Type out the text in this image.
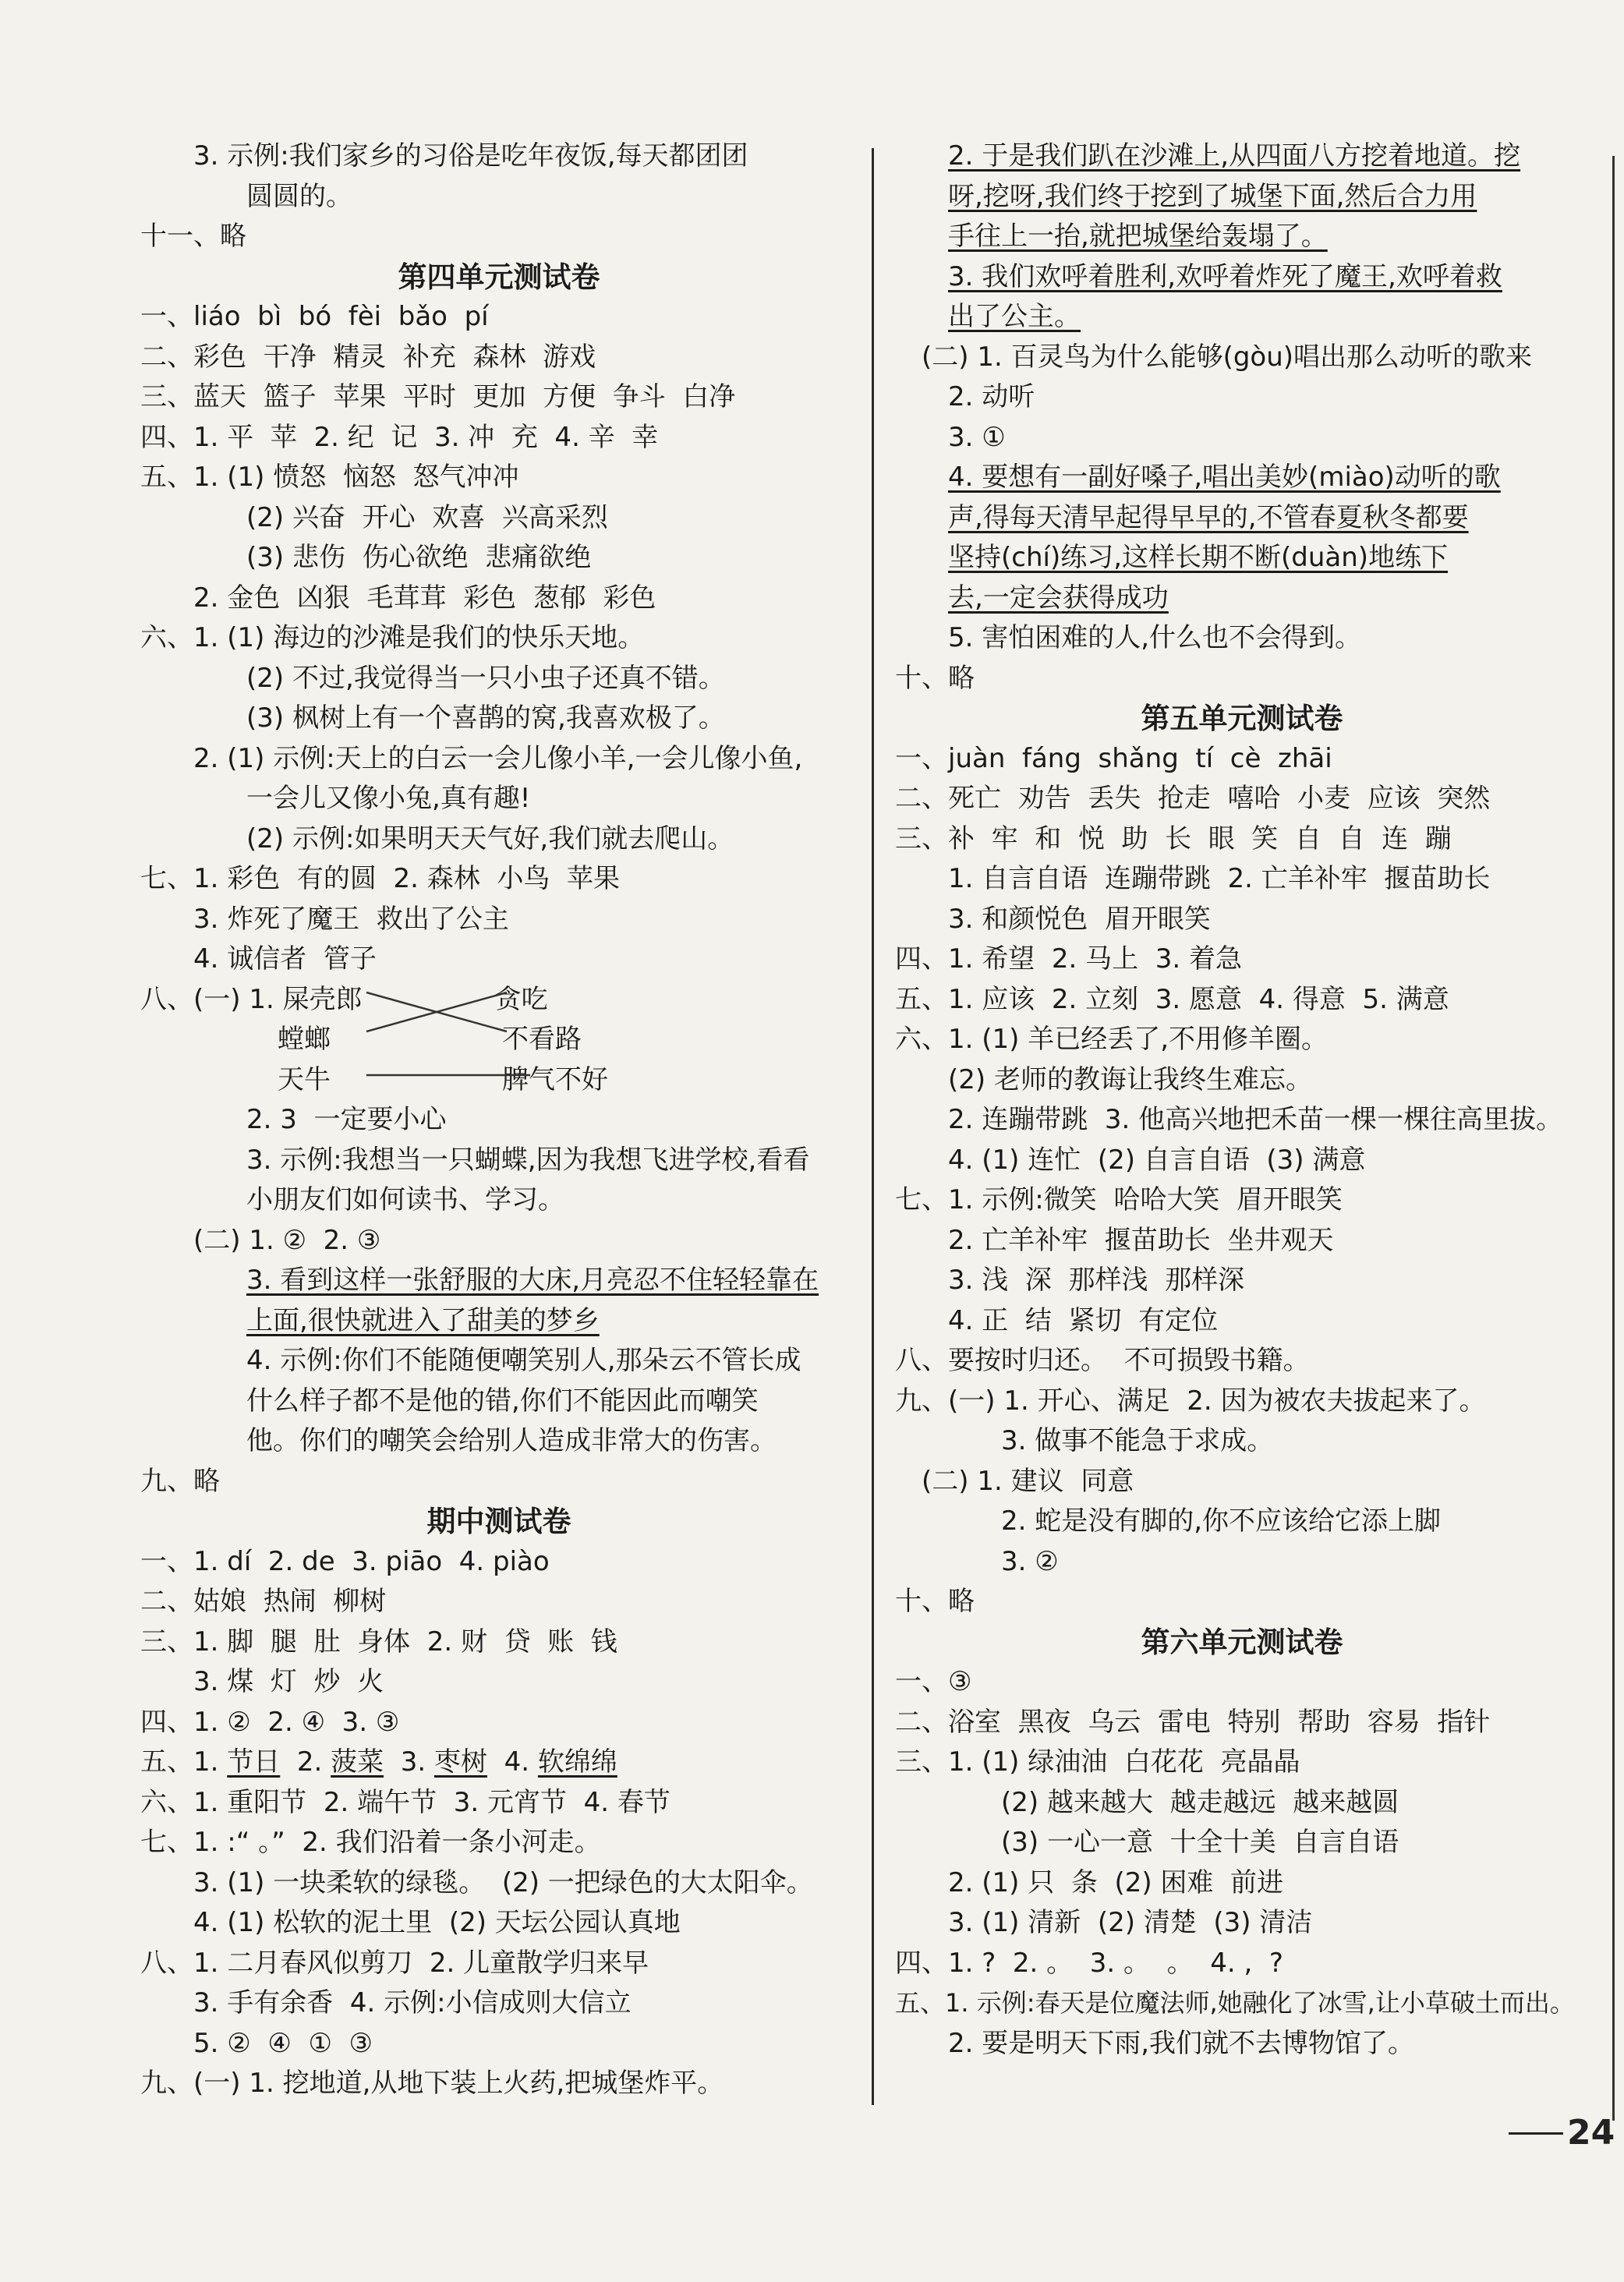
3. 示例:我们家乡的习俗是吃年夜饭,每天都团团
圆圆的。
十一、略
第四单元测试卷
一、liáo  bì  bó  fèi  bǎo  pí
二、彩色  干净  精灵  补充  森林  游戏
三、蓝天  篮子  苹果  平时  更加  方便  争斗  白净
四、1. 平  苹  2. 纪  记  3. 冲  充  4. 辛  幸
五、1. (1) 愤怒  恼怒  怒气冲冲
(2) 兴奋  开心  欢喜  兴高采烈
(3) 悲伤  伤心欲绝  悲痛欲绝
2. 金色  凶狠  毛茸茸  彩色  葱郁  彩色
六、1. (1) 海边的沙滩是我们的快乐天地。
(2) 不过,我觉得当一只小虫子还真不错。
(3) 枫树上有一个喜鹊的窝,我喜欢极了。
2. (1) 示例:天上的白云一会儿像小羊,一会儿像小鱼,
一会儿又像小兔,真有趣!
(2) 示例:如果明天天气好,我们就去爬山。
七、1. 彩色  有的圆  2. 森林  小鸟  苹果
3. 炸死了魔王  救出了公主
4. 诚信者  管子
八、(一) 1. 屎壳郎	贪吃
螳螂	不看路
天牛	脾气不好
2. 3  一定要小心
3. 示例:我想当一只蝴蝶,因为我想飞进学校,看看
小朋友们如何读书、学习。
(二) 1. ②  2. ③
3. 看到这样一张舒服的大床,月亮忍不住轻轻靠在
上面,很快就进入了甜美的梦乡
4. 示例:你们不能随便嘲笑别人,那朵云不管长成
什么样子都不是他的错,你们不能因此而嘲笑
他。你们的嘲笑会给别人造成非常大的伤害。
九、略
期中测试卷
一、1. dí  2. de  3. piāo  4. piào
二、姑娘  热闹  柳树
三、1. 脚  腿  肚  身体  2. 财  贷  账  钱
3. 煤  灯  炒  火
四、1. ②  2. ④  3. ③
五、1. 节日  2. 菠菜  3. 枣树  4. 软绵绵
六、1. 重阳节  2. 端午节  3. 元宵节  4. 春节
七、1. :“ 。”  2. 我们沿着一条小河走。
3. (1) 一块柔软的绿毯。  (2) 一把绿色的大太阳伞。
4. (1) 松软的泥土里  (2) 天坛公园认真地
八、1. 二月春风似剪刀  2. 儿童散学归来早
3. 手有余香  4. 示例:小信成则大信立
5. ②  ④  ①  ③
九、(一) 1. 挖地道,从地下装上火药,把城堡炸平。
2. 于是我们趴在沙滩上,从四面八方挖着地道。挖
呀,挖呀,我们终于挖到了城堡下面,然后合力用
手往上一抬,就把城堡给轰塌了。
3. 我们欢呼着胜利,欢呼着炸死了魔王,欢呼着救
出了公主。
(二) 1. 百灵鸟为什么能够(gòu)唱出那么动听的歌来
2. 动听
3. ①
4. 要想有一副好嗓子,唱出美妙(miào)动听的歌
声,得每天清早起得早早的,不管春夏秋冬都要
坚持(chí)练习,这样长期不断(duàn)地练下
去,一定会获得成功
5. 害怕困难的人,什么也不会得到。
十、略
第五单元测试卷
一、juàn  fáng  shǎng  tí  cè  zhāi
二、死亡  劝告  丢失  抢走  嘻哈  小麦  应该  突然
三、补  牢  和  悦  助  长  眼  笑  自  自  连  蹦
1. 自言自语  连蹦带跳  2. 亡羊补牢  揠苗助长
3. 和颜悦色  眉开眼笑
四、1. 希望  2. 马上  3. 着急
五、1. 应该  2. 立刻  3. 愿意  4. 得意  5. 满意
六、1. (1) 羊已经丢了,不用修羊圈。
(2) 老师的教诲让我终生难忘。
2. 连蹦带跳  3. 他高兴地把禾苗一棵一棵往高里拔。
4. (1) 连忙  (2) 自言自语  (3) 满意
七、1. 示例:微笑  哈哈大笑  眉开眼笑
2. 亡羊补牢  揠苗助长  坐井观天
3. 浅  深  那样浅  那样深
4. 正  结  紧切  有定位
八、要按时归还。  不可损毁书籍。
九、(一) 1. 开心、满足  2. 因为被农夫拔起来了。
3. 做事不能急于求成。
(二) 1. 建议  同意
2. 蛇是没有脚的,你不应该给它添上脚
3. ②
十、略
第六单元测试卷
一、③
二、浴室  黑夜  乌云  雷电  特别  帮助  容易  指针
三、1. (1) 绿油油  白花花  亮晶晶
(2) 越来越大  越走越远  越来越圆
(3) 一心一意  十全十美  自言自语
2. (1) 只  条  (2) 困难  前进
3. (1) 清新  (2) 清楚  (3) 清洁
四、1. ?  2. 。  3. 。  。  4. ,  ?
五、1. 示例:春天是位魔法师,她融化了冰雪,让小草破土而出。
2. 要是明天下雨,我们就不去博物馆了。
24
